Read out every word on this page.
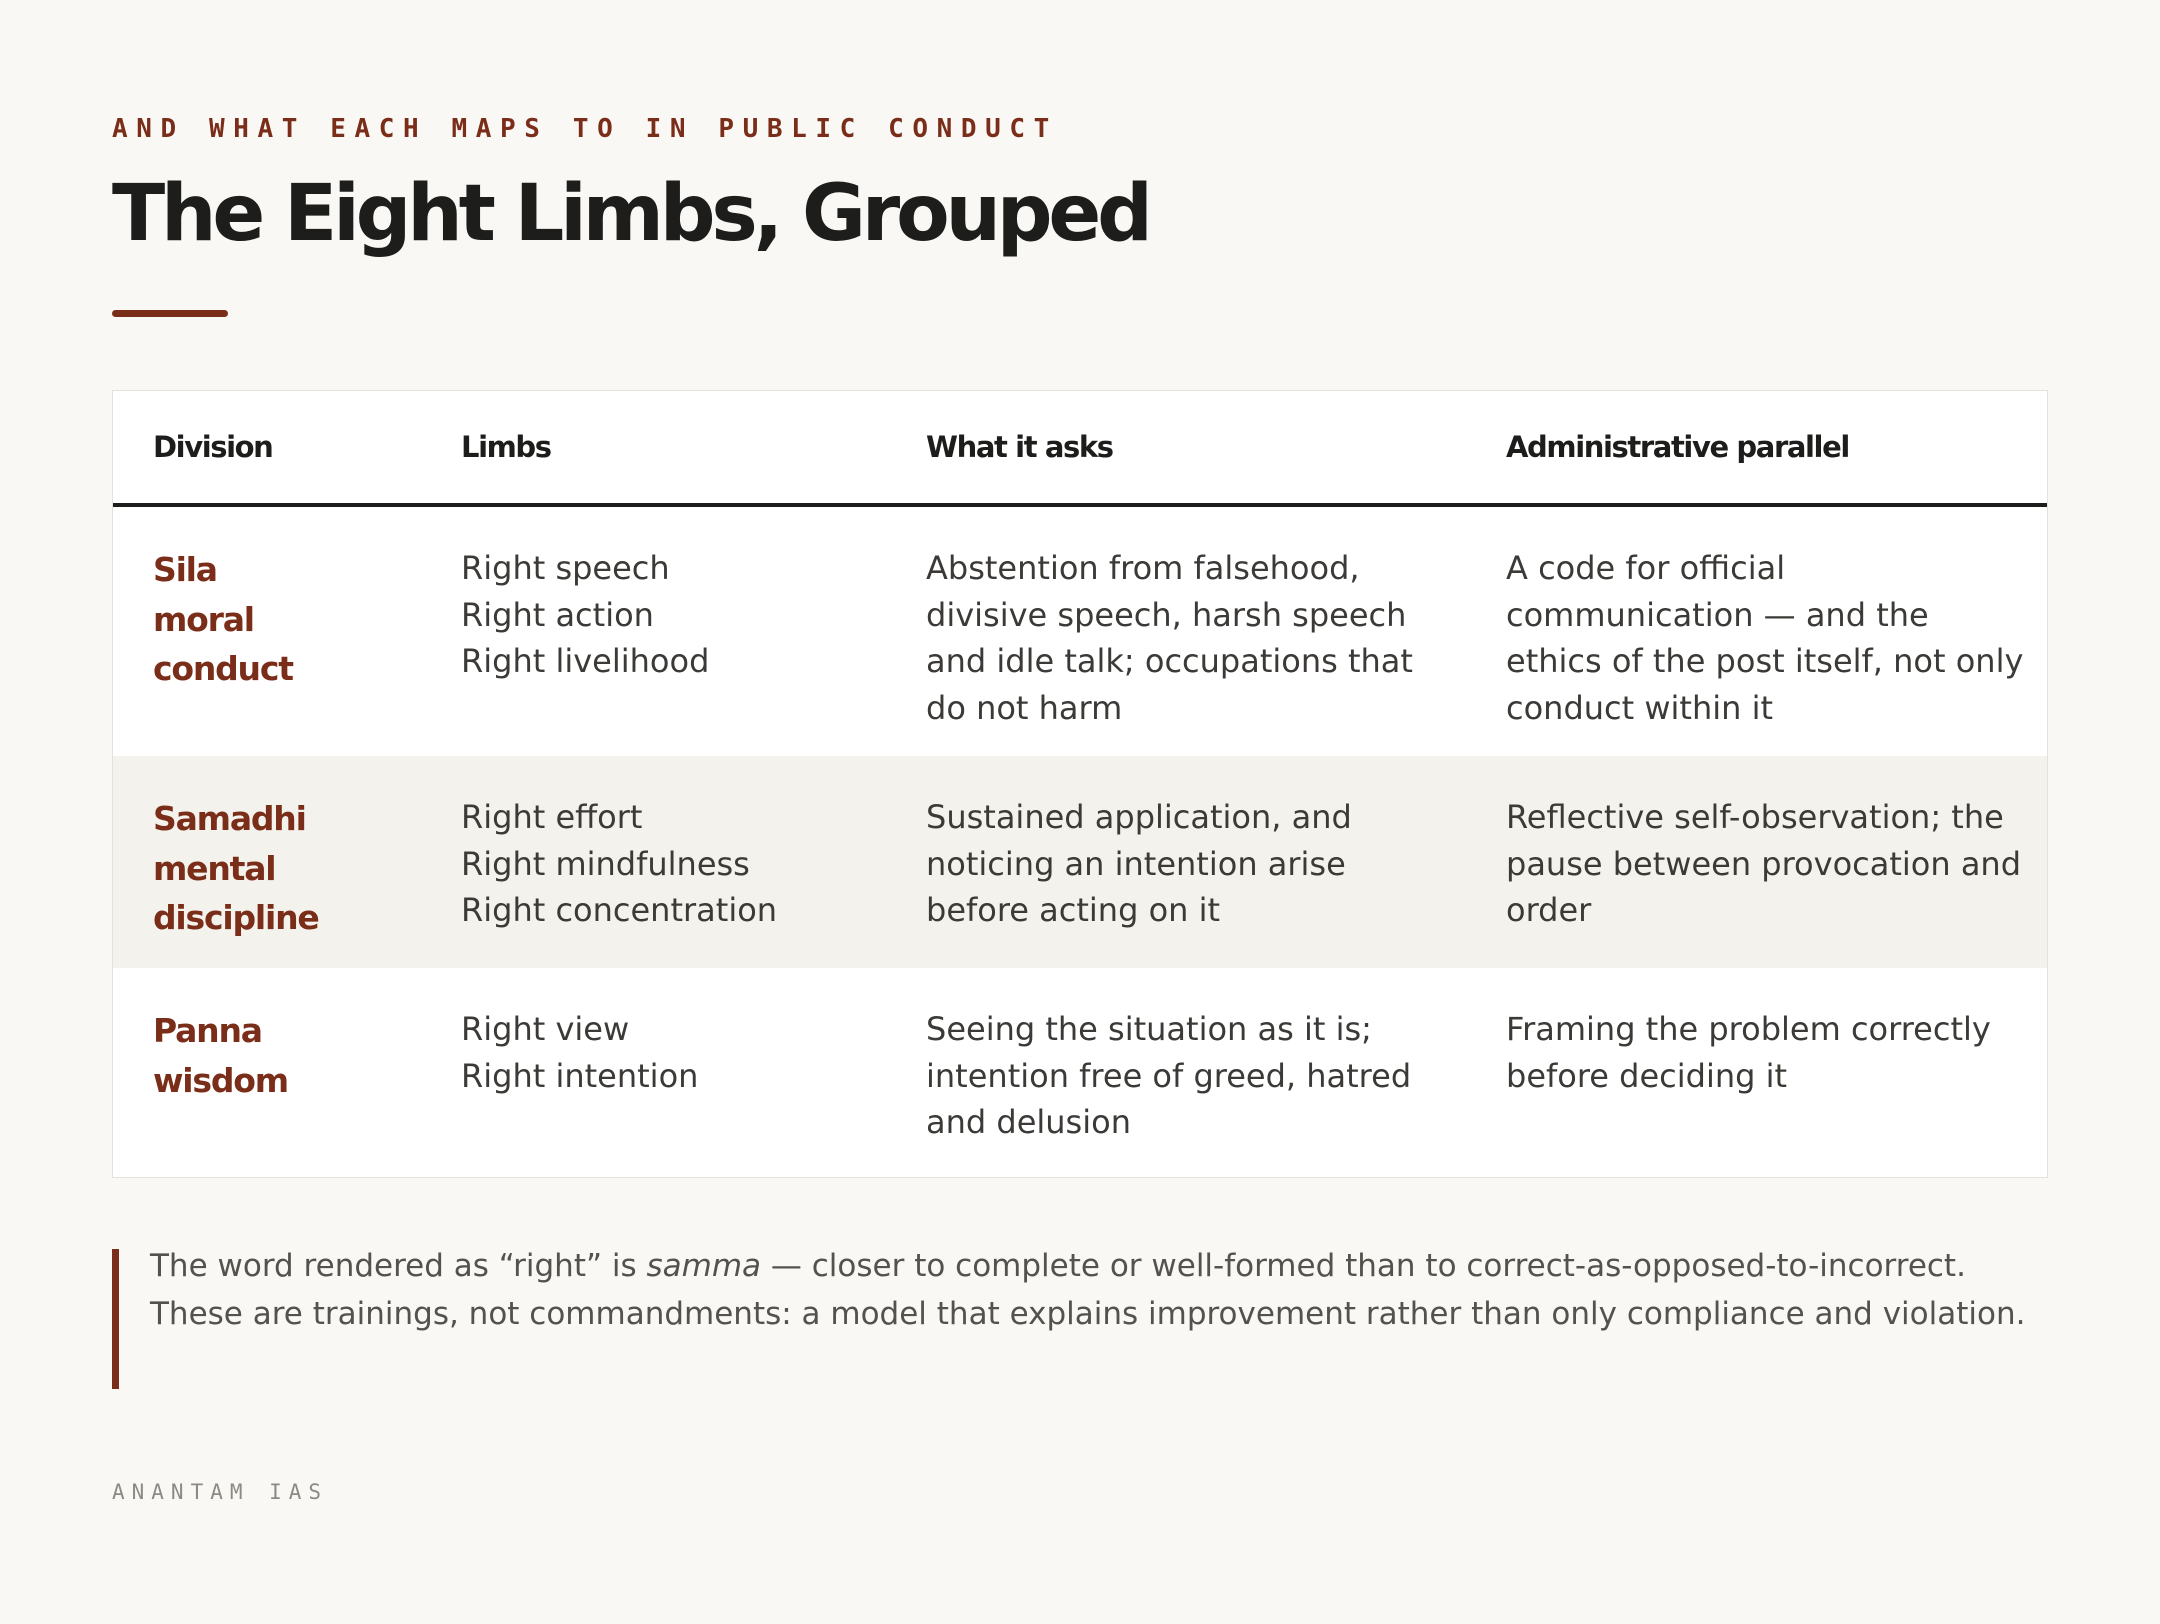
AND WHAT EACH MAPS TO IN PUBLIC CONDUCT
The Eight Limbs, Grouped
Division	Limbs	What it asks	Administrative parallel

Sila
moral
conduct	Right speech
Right action
Right livelihood	Abstention from falsehood, divisive speech, harsh speech and idle talk; occupations that do not harm	A code for official communication — and the ethics of the post itself, not only conduct within it

Samadhi
mental
discipline	Right effort
Right mindfulness
Right concentration	Sustained application, and noticing an intention arise before acting on it	Reflective self-observation; the pause between provocation and order

Panna
wisdom	Right view
Right intention	Seeing the situation as it is; intention free of greed, hatred and delusion	Framing the problem correctly before deciding it

The word rendered as “right” is samma — closer to complete or well-formed than to correct-as-opposed-to-incorrect. These are trainings, not commandments: a model that explains improvement rather than only compliance and violation.

ANANTAM IAS
